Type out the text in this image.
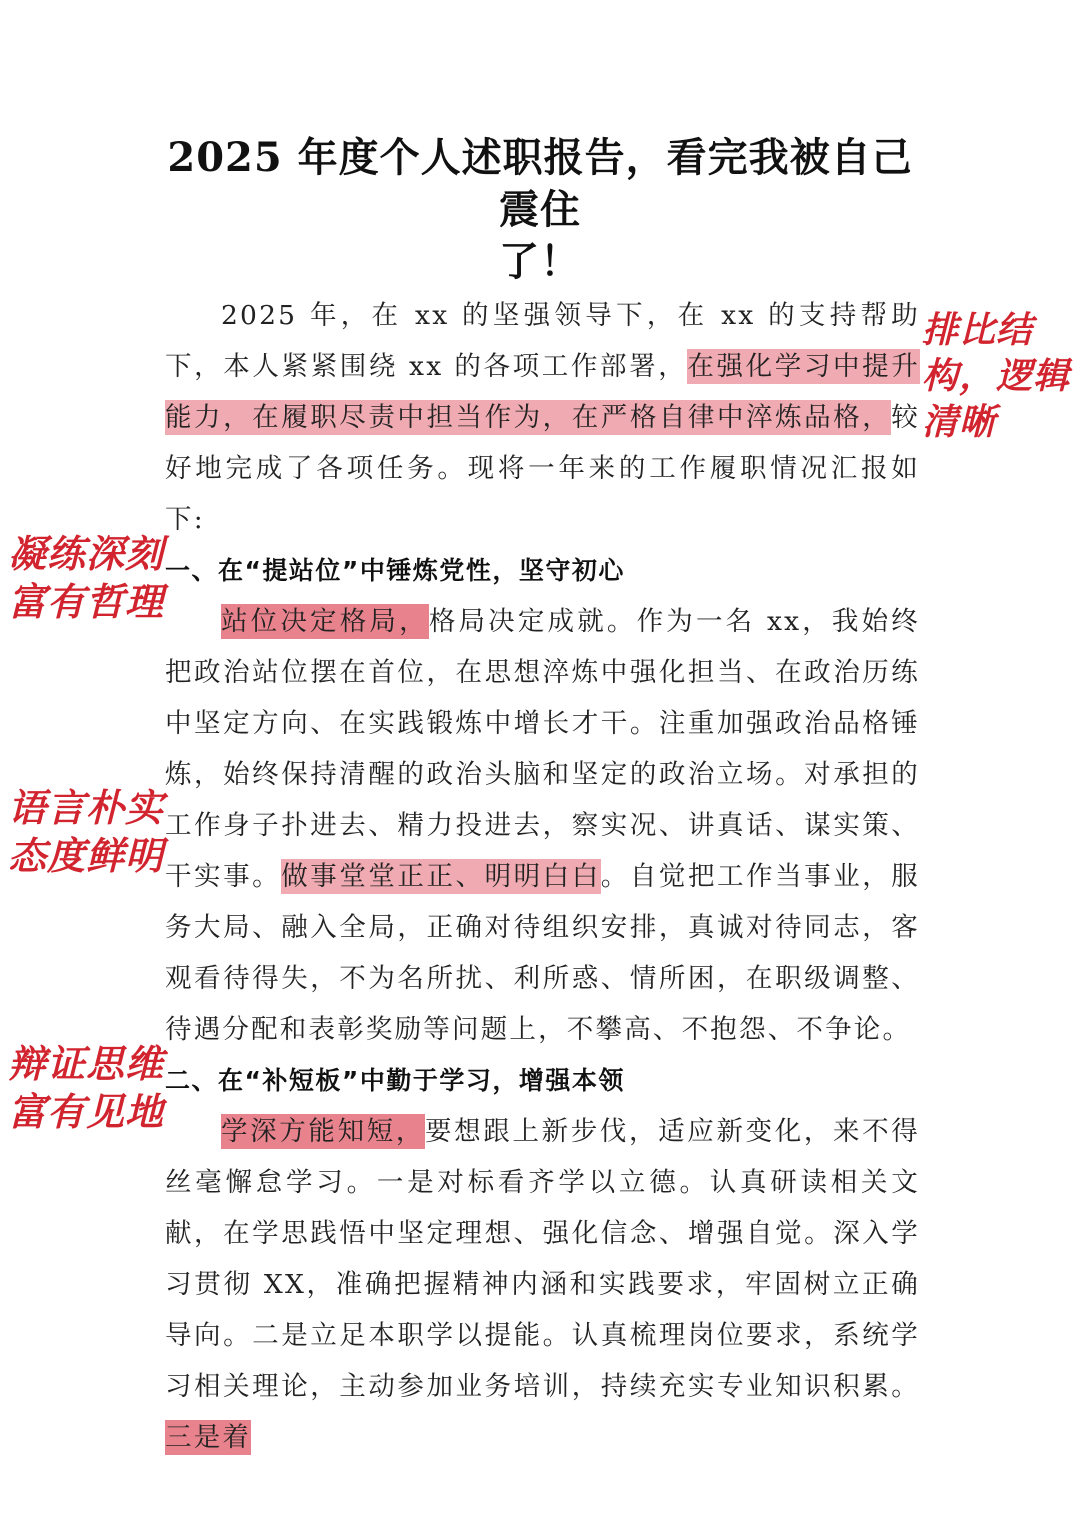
2025 年度个人述职报告，看完我被自己震住
了！

2025 年，在 xx 的坚强领导下，在 xx 的支持帮助下，本人紧紧围绕 xx 的各项工作部署，在强化学习中提升能力，在履职尽责中担当作为，在严格自律中淬炼品格，较好地完成了各项任务。现将一年来的工作履职情况汇报如下:

一、在“提站位”中锤炼党性，坚守初心

站位决定格局，格局决定成就。作为一名 xx，我始终把政治站位摆在首位，在思想淬炼中强化担当、在政治历练中坚定方向、在实践锻炼中增长才干。注重加强政治品格锤炼，始终保持清醒的政治头脑和坚定的政治立场。对承担的工作身子扑进去、精力投进去，察实况、讲真话、谋实策、干实事。做事堂堂正正、明明白白。自觉把工作当事业，服务大局、融入全局，正确对待组织安排，真诚对待同志，客观看待得失，不为名所扰、利所惑、情所困，在职级调整、待遇分配和表彰奖励等问题上，不攀高、不抱怨、不争论。

二、在“补短板”中勤于学习，增强本领

学深方能知短，要想跟上新步伐，适应新变化，来不得丝毫懈怠学习。一是对标看齐学以立德。认真研读相关文献，在学思践悟中坚定理想、强化信念、增强自觉。深入学习贯彻 XX，准确把握精神内涵和实践要求，牢固树立正确导向。二是立足本职学以提能。认真梳理岗位要求，系统学习相关理论，主动参加业务培训，持续充实专业知识积累。三是着

排比结
构，逻辑
清晰
凝练深刻
富有哲理
语言朴实
态度鲜明
辩证思维
富有见地
